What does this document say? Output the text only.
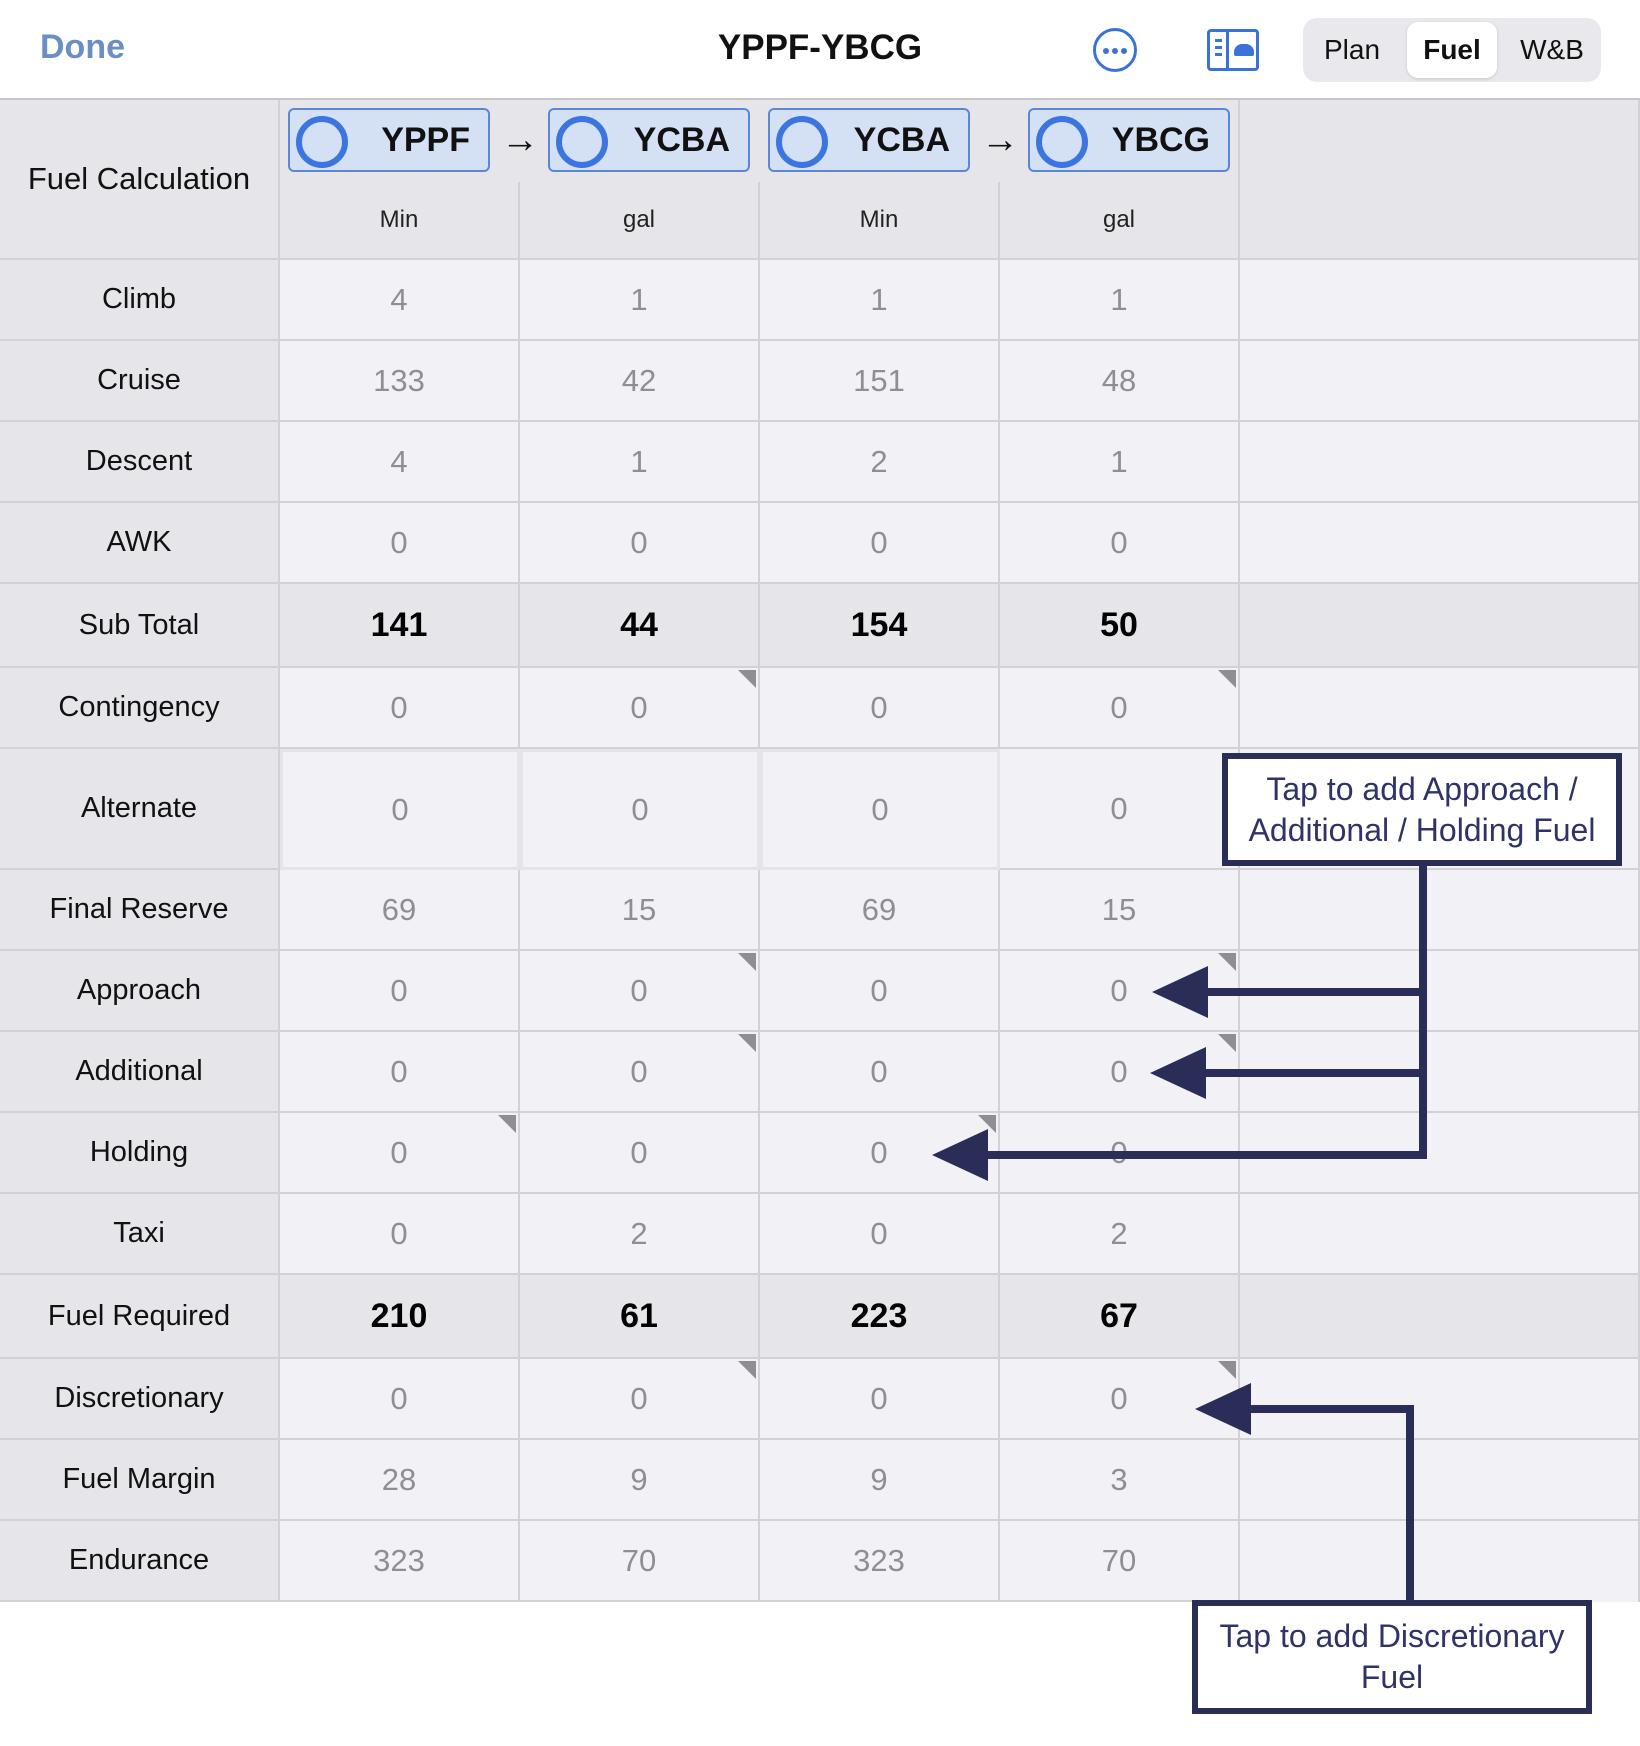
Done	YPPF-YBCG	Plan	Fuel	W&B
Fuel Calculation
YPPF →	YCBA	YCBA →	YBCG
Min	gal	Min	gal
Climb	4	1	1	1
Cruise	133	42	151	48
Descent	4	1	2	1
AWK	0	0	0	0
Sub Total	141	44	154	50
Contingency	0	0	0	0
Alternate	0	0	0	0
Final Reserve	69	15	69	15
Approach	0	0	0	0
Additional	0	0	0	0
Holding	0	0	0	0
Taxi	0	2	0	2
Fuel Required	210	61	223	67
Discretionary	0	0	0	0
Fuel Margin	28	9	9	3
Endurance	323	70	323	70
Tap to add Approach / Additional / Holding Fuel
Tap to add Discretionary Fuel
